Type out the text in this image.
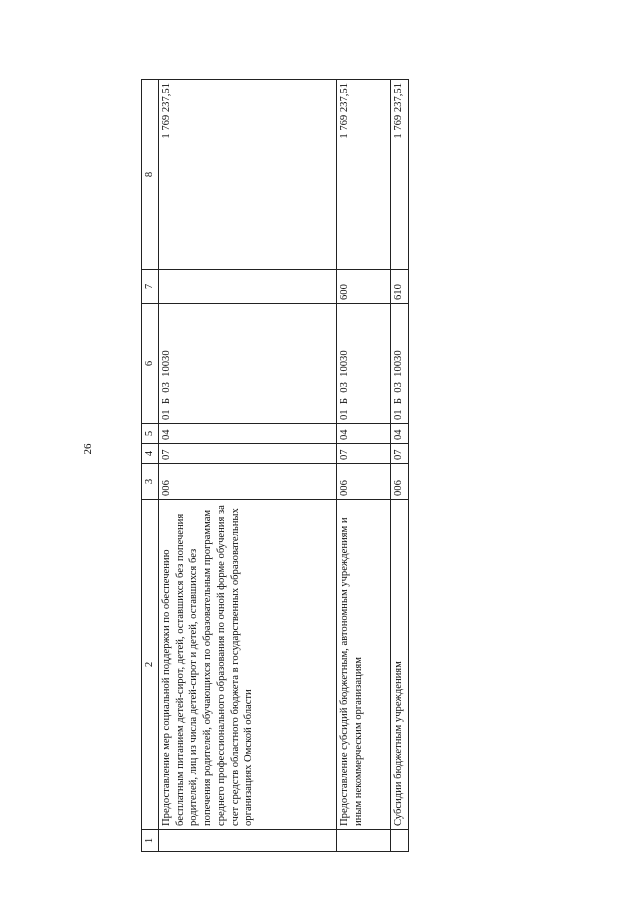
26
1	2	3	4	5	6	7	8
	Предоставление мер социальной поддержки по обеспечению бесплатным питанием детей-сирот, детей, оставшихся без попечения родителей, лиц из числа детей-сирот и детей, оставшихся без попечения родителей, обучающихся по образовательным программам среднего профессионального образования по очной форме обучения за счет средств областного бюджета в государственных образовательных организациях Омской области	006	07	04	01  Б  03  10030		1 769 237,51
	Предоставление субсидий бюджетным, автономным учреждениям и иным некоммерческим организациям	006	07	04	01  Б  03  10030	600	1 769 237,51
	Субсидии бюджетным учреждениям	006	07	04	01  Б  03  10030	610	1 769 237,51
